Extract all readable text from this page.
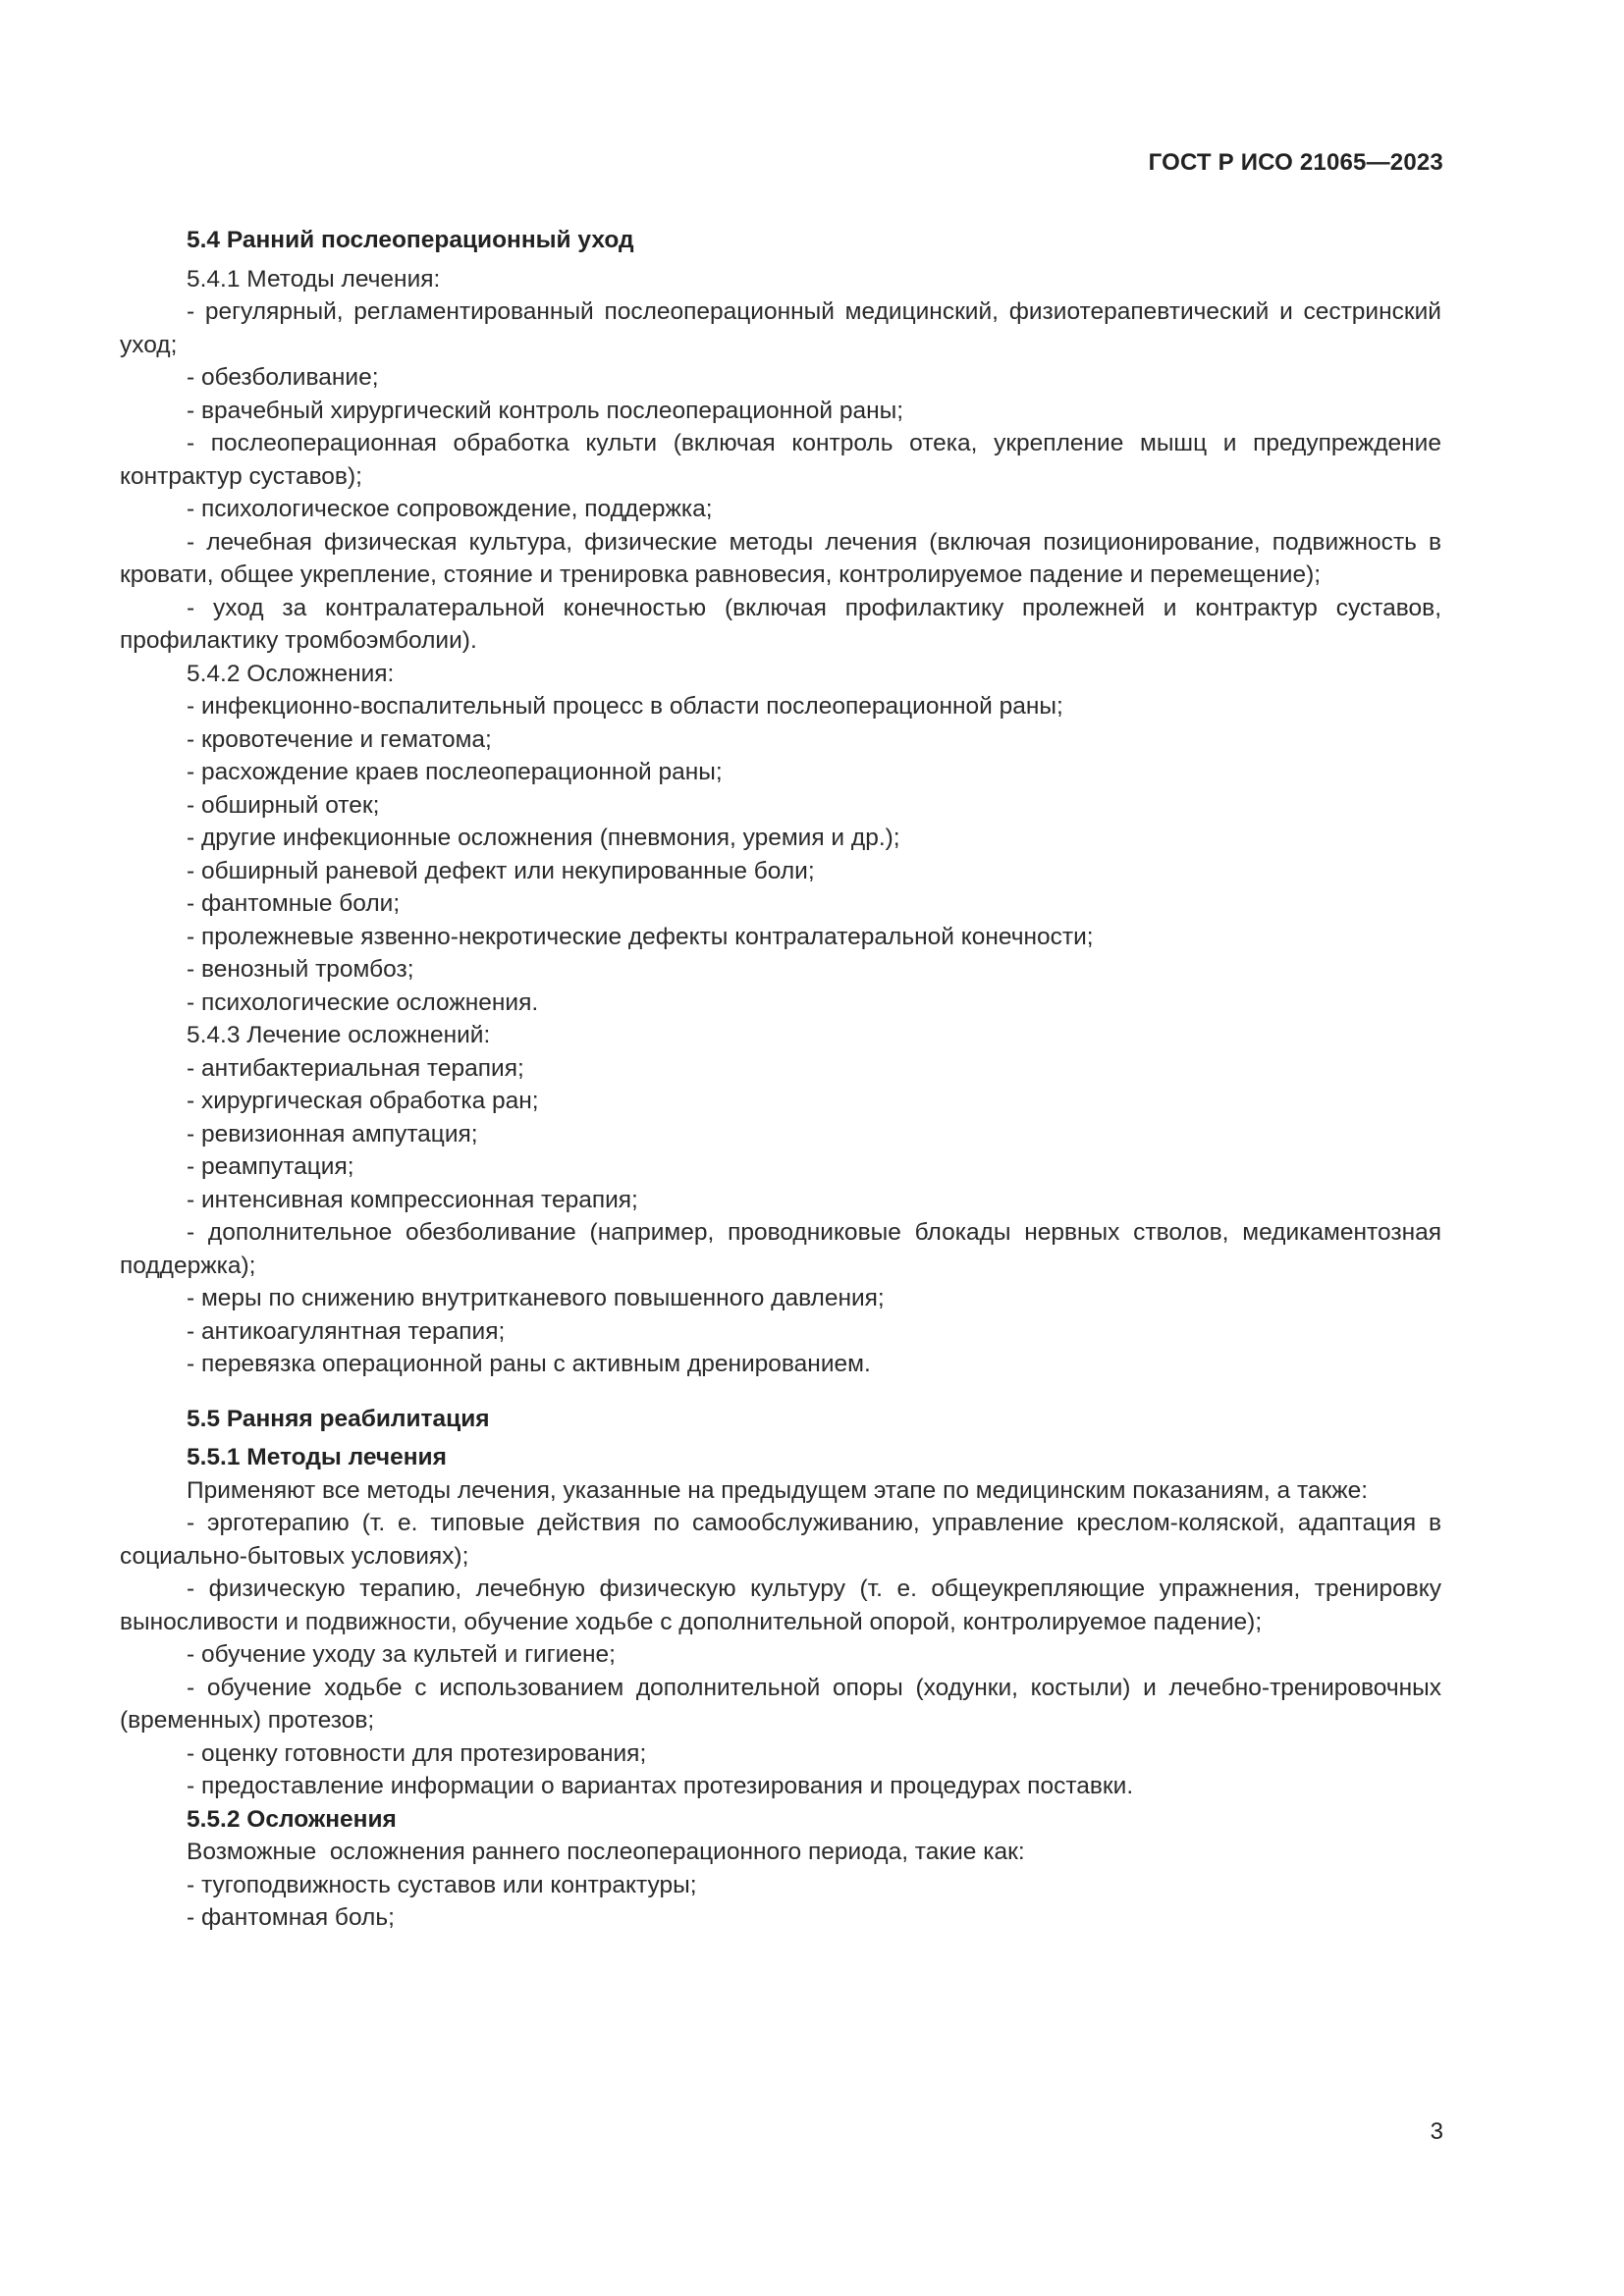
ГОСТ Р ИСО 21065—2023
5.4 Ранний послеоперационный уход
5.4.1 Методы лечения:
- регулярный, регламентированный послеоперационный медицинский, физиотерапевтический и сестринский уход;
- обезболивание;
- врачебный хирургический контроль послеоперационной раны;
- послеоперационная обработка культи (включая контроль отека, укрепление мышц и предупреждение контрактур суставов);
- психологическое сопровождение, поддержка;
- лечебная физическая культура, физические методы лечения (включая позиционирование, подвижность в кровати, общее укрепление, стояние и тренировка равновесия, контролируемое падение и перемещение);
- уход за контралатеральной конечностью (включая профилактику пролежней и контрактур суставов, профилактику тромбоэмболии).
5.4.2 Осложнения:
- инфекционно-воспалительный процесс в области послеоперационной раны;
- кровотечение и гематома;
- расхождение краев послеоперационной раны;
- обширный отек;
- другие инфекционные осложнения (пневмония, уремия и др.);
- обширный раневой дефект или некупированные боли;
- фантомные боли;
- пролежневые язвенно-некротические дефекты контралатеральной конечности;
- венозный тромбоз;
- психологические осложнения.
5.4.3 Лечение осложнений:
- антибактериальная терапия;
- хирургическая обработка ран;
- ревизионная ампутация;
- реампутация;
- интенсивная компрессионная терапия;
- дополнительное обезболивание (например, проводниковые блокады нервных стволов, медикаментозная поддержка);
- меры по снижению внутритканевого повышенного давления;
- антикоагулянтная терапия;
- перевязка операционной раны с активным дренированием.
5.5 Ранняя реабилитация
5.5.1 Методы лечения
Применяют все методы лечения, указанные на предыдущем этапе по медицинским показаниям, а также:
- эрготерапию (т. е. типовые действия по самообслуживанию, управление креслом-коляской, адаптация в социально-бытовых условиях);
- физическую терапию, лечебную физическую культуру (т. е. общеукрепляющие упражнения, тренировку выносливости и подвижности, обучение ходьбе с дополнительной опорой, контролируемое падение);
- обучение уходу за культей и гигиене;
- обучение ходьбе с использованием дополнительной опоры (ходунки, костыли) и лечебно-тренировочных (временных) протезов;
- оценку готовности для протезирования;
- предоставление информации о вариантах протезирования и процедурах поставки.
5.5.2 Осложнения
Возможные  осложнения раннего послеоперационного периода, такие как:
- тугоподвижность суставов или контрактуры;
- фантомная боль;
3
